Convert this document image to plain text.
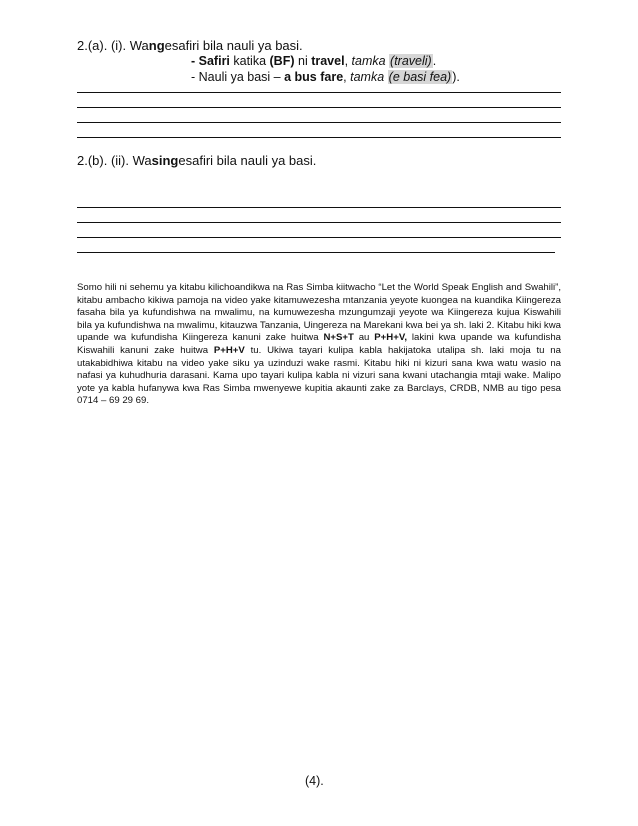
2.(a). (i). Wangesafiri bila nauli ya basi.
- Safiri katika (BF) ni travel, tamka (traveli).
- Nauli ya basi – a bus fare, tamka (e basi fea)).
2.(b). (ii). Wasingesafiri bila nauli ya basi.
Somo hili ni sehemu ya kitabu kilichoandikwa na Ras Simba kiitwacho “Let the World Speak English and Swahili”, kitabu ambacho kikiwa pamoja na video yake kitamuwezesha mtanzania yeyote kuongea na kuandika Kiingereza fasaha bila ya kufundishwa na mwalimu, na kumuwezesha mzungumzaji yeyote wa Kiingereza kujua Kiswahili bila ya kufundishwa na mwalimu, kitauzwa Tanzania, Uingereza na Marekani kwa bei ya sh. laki 2. Kitabu hiki kwa upande wa kufundisha Kiingereza kanuni zake huitwa N+S+T au P+H+V, lakini kwa upande wa kufundisha Kiswahili kanuni zake huitwa P+H+V tu. Ukiwa tayari kulipa kabla hakijatoka utalipa sh. laki moja tu na utakabidhiwa kitabu na video yake siku ya uzinduzi wake rasmi. Kitabu hiki ni kizuri sana kwa watu wasio na nafasi ya kuhudhuria darasani. Kama upo tayari kulipa kabla ni vizuri sana kwani utachangia mtaji wake. Malipo yote ya kabla hufanywa kwa Ras Simba mwenyewe kupitia akaunti zake za Barclays, CRDB, NMB au tigo pesa 0714 – 69 29 69.
(4).
